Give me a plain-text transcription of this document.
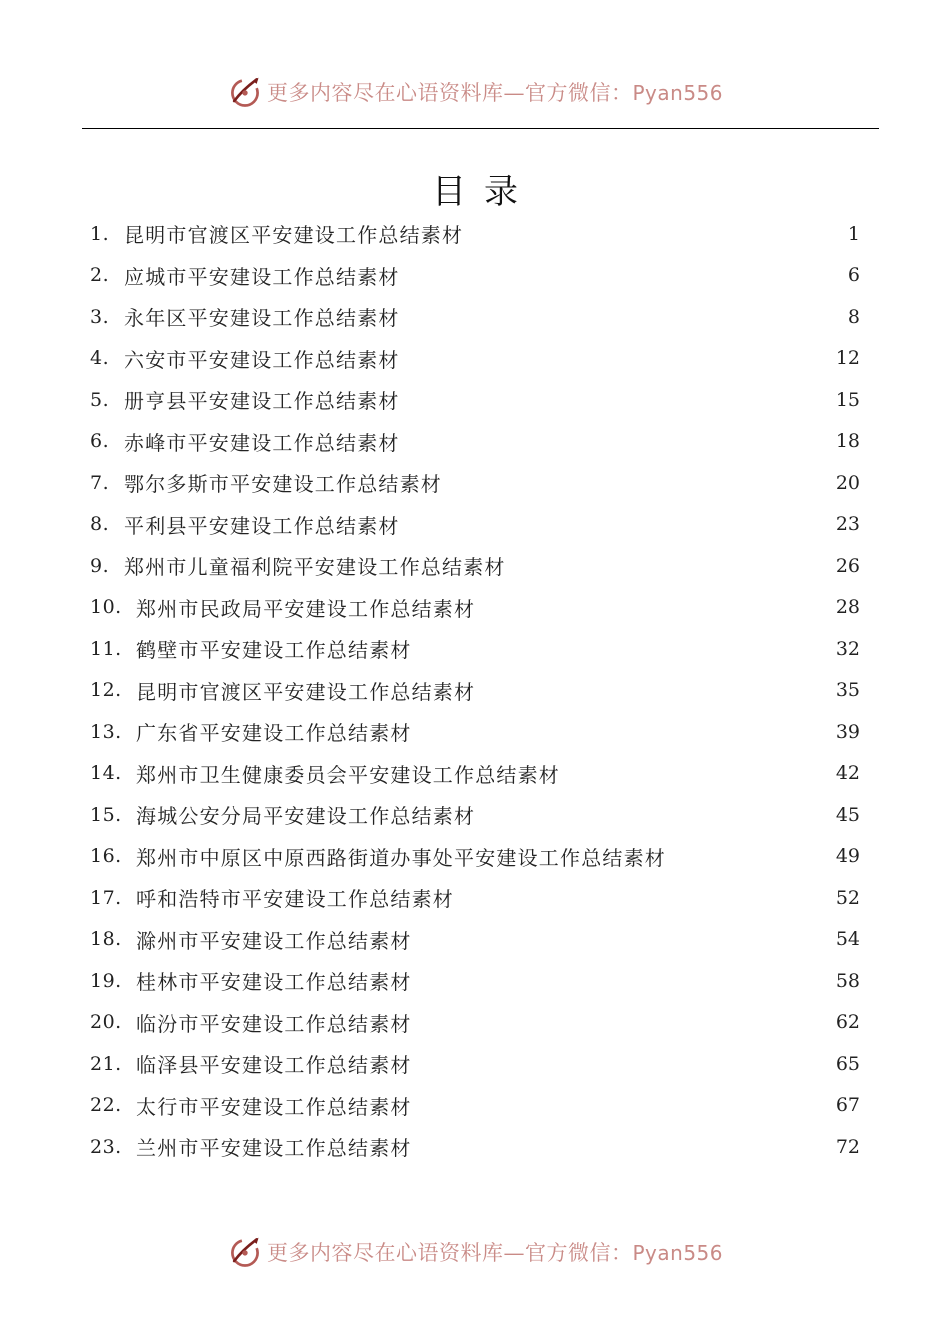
更多内容尽在心语资料库—官方微信：Pyan556
目录
1. 昆明市官渡区平安建设工作总结素材	1
2. 应城市平安建设工作总结素材	6
3. 永年区平安建设工作总结素材	8
4. 六安市平安建设工作总结素材	12
5. 册亨县平安建设工作总结素材	15
6. 赤峰市平安建设工作总结素材	18
7. 鄂尔多斯市平安建设工作总结素材	20
8. 平利县平安建设工作总结素材	23
9. 郑州市儿童福利院平安建设工作总结素材	26
10. 郑州市民政局平安建设工作总结素材	28
11. 鹤壁市平安建设工作总结素材	32
12. 昆明市官渡区平安建设工作总结素材	35
13. 广东省平安建设工作总结素材	39
14. 郑州市卫生健康委员会平安建设工作总结素材	42
15. 海城公安分局平安建设工作总结素材	45
16. 郑州市中原区中原西路街道办事处平安建设工作总结素材	49
17. 呼和浩特市平安建设工作总结素材	52
18. 滁州市平安建设工作总结素材	54
19. 桂林市平安建设工作总结素材	58
20. 临汾市平安建设工作总结素材	62
21. 临泽县平安建设工作总结素材	65
22. 太行市平安建设工作总结素材	67
23. 兰州市平安建设工作总结素材	72
更多内容尽在心语资料库—官方微信：Pyan556
